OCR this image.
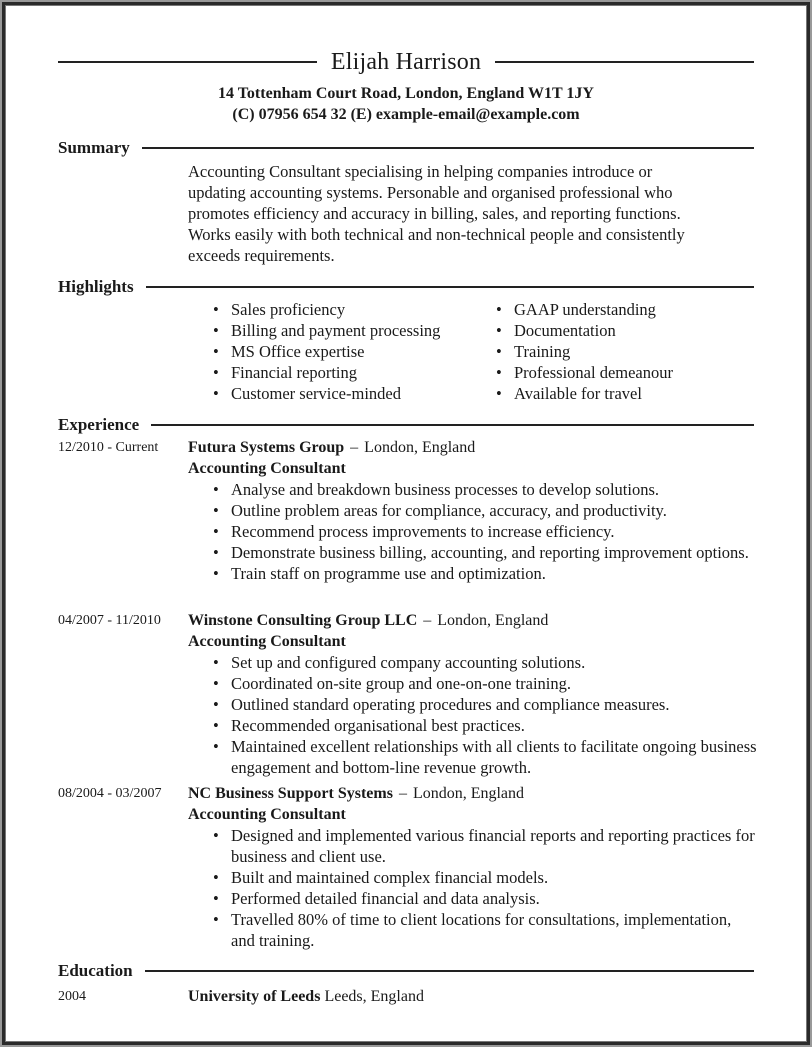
Elijah Harrison
14 Tottenham Court Road, London, England W1T 1JY
(C) 07956 654 32 (E) example-email@example.com
Summary
Accounting Consultant specialising in helping companies introduce or
updating accounting systems. Personable and organised professional who
promotes efficiency and accuracy in billing, sales, and reporting functions.
Works easily with both technical and non-technical people and consistently
exceeds requirements.
Highlights
• Sales proficiency
• Billing and payment processing
• MS Office expertise
• Financial reporting
• Customer service-minded
• GAAP understanding
• Documentation
• Training
• Professional demeanour
• Available for travel
Experience
12/2010 - Current Futura Systems Group – London, England
Accounting Consultant
• Analyse and breakdown business processes to develop solutions.
• Outline problem areas for compliance, accuracy, and productivity.
• Recommend process improvements to increase efficiency.
• Demonstrate business billing, accounting, and reporting improvement options.
• Train staff on programme use and optimization.
04/2007 - 11/2010 Winstone Consulting Group LLC – London, England
Accounting Consultant
• Set up and configured company accounting solutions.
• Coordinated on-site group and one-on-one training.
• Outlined standard operating procedures and compliance measures.
• Recommended organisational best practices.
• Maintained excellent relationships with all clients to facilitate ongoing business engagement and bottom-line revenue growth.
08/2004 - 03/2007 NC Business Support Systems – London, England
Accounting Consultant
• Designed and implemented various financial reports and reporting practices for business and client use.
• Built and maintained complex financial models.
• Performed detailed financial and data analysis.
• Travelled 80% of time to client locations for consultations, implementation, and training.
Education
2004	University of Leeds Leeds, England
